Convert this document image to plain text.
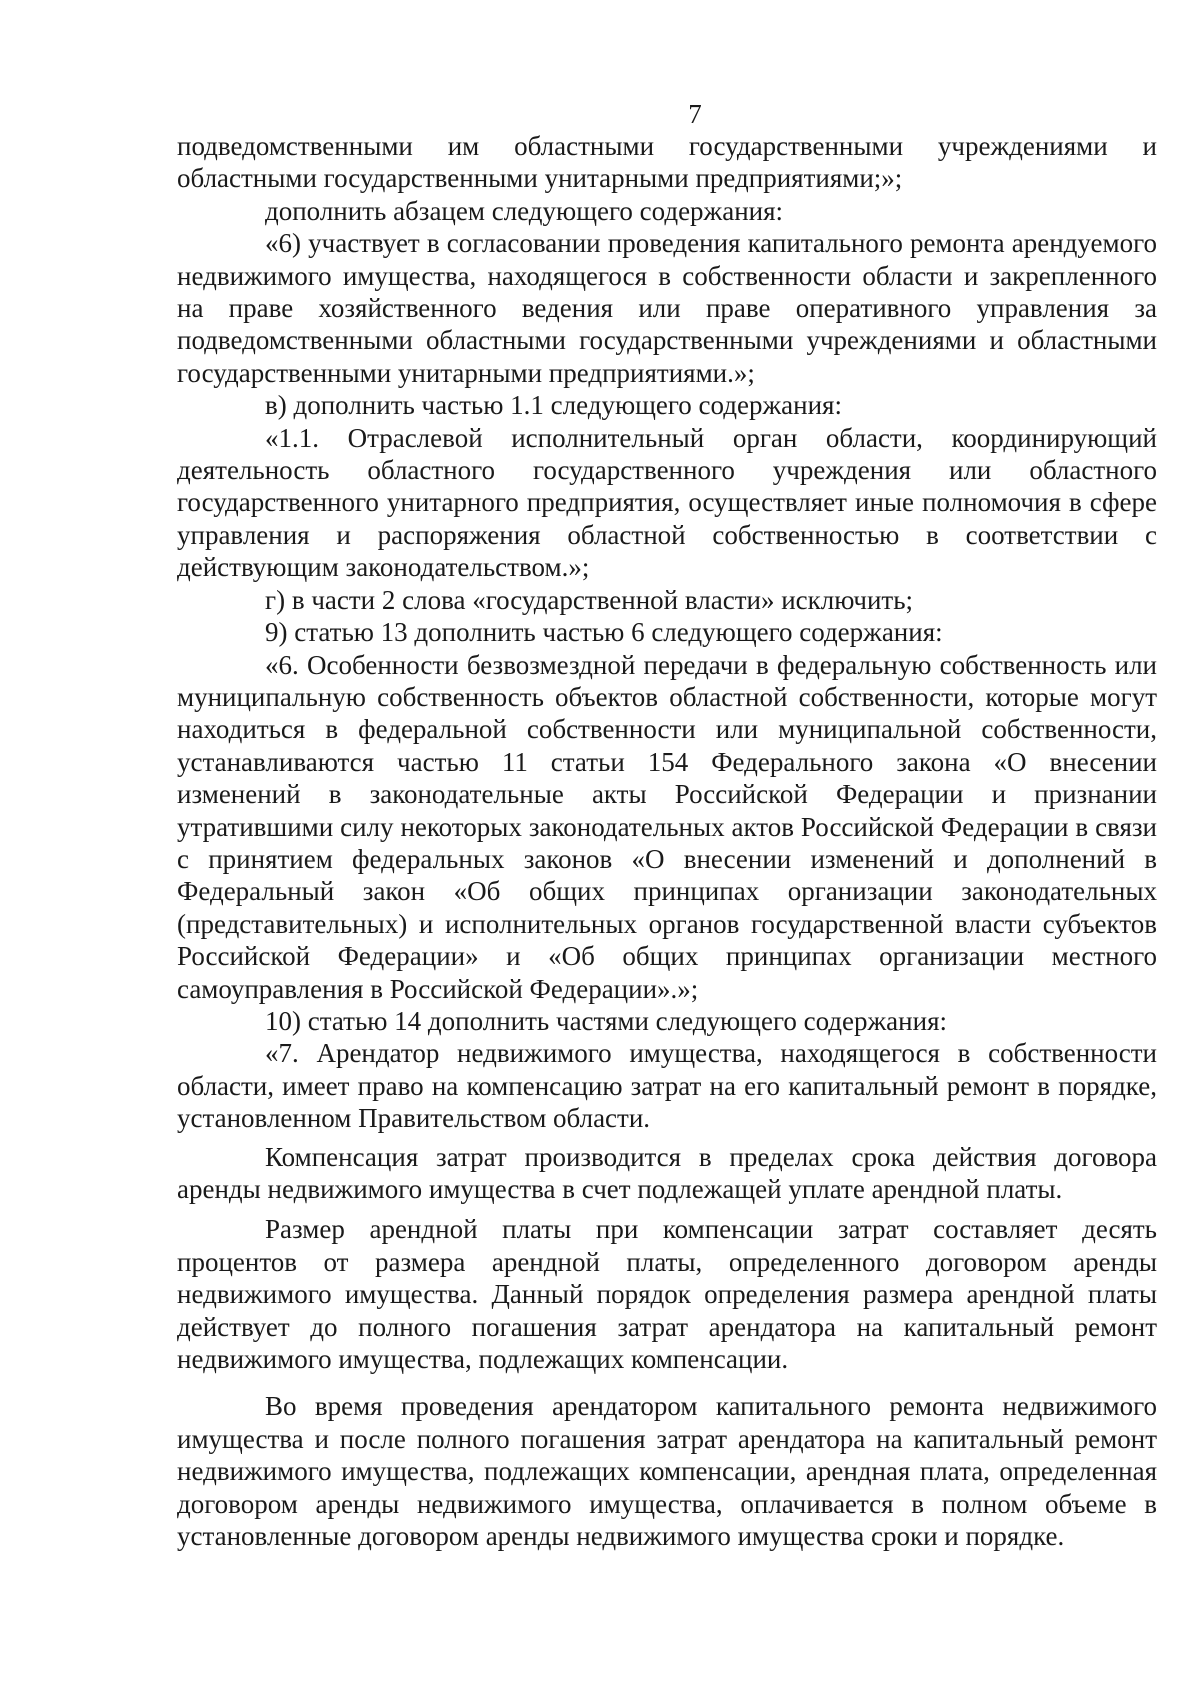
7

подведомственными им областными государственными учреждениями и областными государственными унитарными предприятиями;»;

дополнить абзацем следующего содержания:

«6) участвует в согласовании проведения капитального ремонта арендуемого недвижимого имущества, находящегося в собственности области и закрепленного на праве хозяйственного ведения или праве оперативного управления за подведомственными областными государственными учреждениями и областными государственными унитарными предприятиями.»;

в) дополнить частью 1.1 следующего содержания:

«1.1. Отраслевой исполнительный орган области, координирующий деятельность областного государственного учреждения или областного государственного унитарного предприятия, осуществляет иные полномочия в сфере управления и распоряжения областной собственностью в соответствии с действующим законодательством.»;

г) в части 2 слова «государственной власти» исключить;

9) статью 13 дополнить частью 6 следующего содержания:

«6. Особенности безвозмездной передачи в федеральную собственность или муниципальную собственность объектов областной собственности, которые могут находиться в федеральной собственности или муниципальной собственности, устанавливаются частью 11 статьи 154 Федерального закона «О внесении изменений в законодательные акты Российской Федерации и признании утратившими силу некоторых законодательных актов Российской Федерации в связи с принятием федеральных законов «О внесении изменений и дополнений в Федеральный закон «Об общих принципах организации законодательных (представительных) и исполнительных органов государственной власти субъектов Российской Федерации» и «Об общих принципах организации местного самоуправления в Российской Федерации».»;

10) статью 14 дополнить частями следующего содержания:

«7. Арендатор недвижимого имущества, находящегося в собственности области, имеет право на компенсацию затрат на его капитальный ремонт в порядке, установленном Правительством области.

Компенсация затрат производится в пределах срока действия договора аренды недвижимого имущества в счет подлежащей уплате арендной платы.

Размер арендной платы при компенсации затрат составляет десять процентов от размера арендной платы, определенного договором аренды недвижимого имущества. Данный порядок определения размера арендной платы действует до полного погашения затрат арендатора на капитальный ремонт недвижимого имущества, подлежащих компенсации.

Во время проведения арендатором капитального ремонта недвижимого имущества и после полного погашения затрат арендатора на капитальный ремонт недвижимого имущества, подлежащих компенсации, арендная плата, определенная договором аренды недвижимого имущества, оплачивается в полном объеме в установленные договором аренды недвижимого имущества сроки и порядке.
